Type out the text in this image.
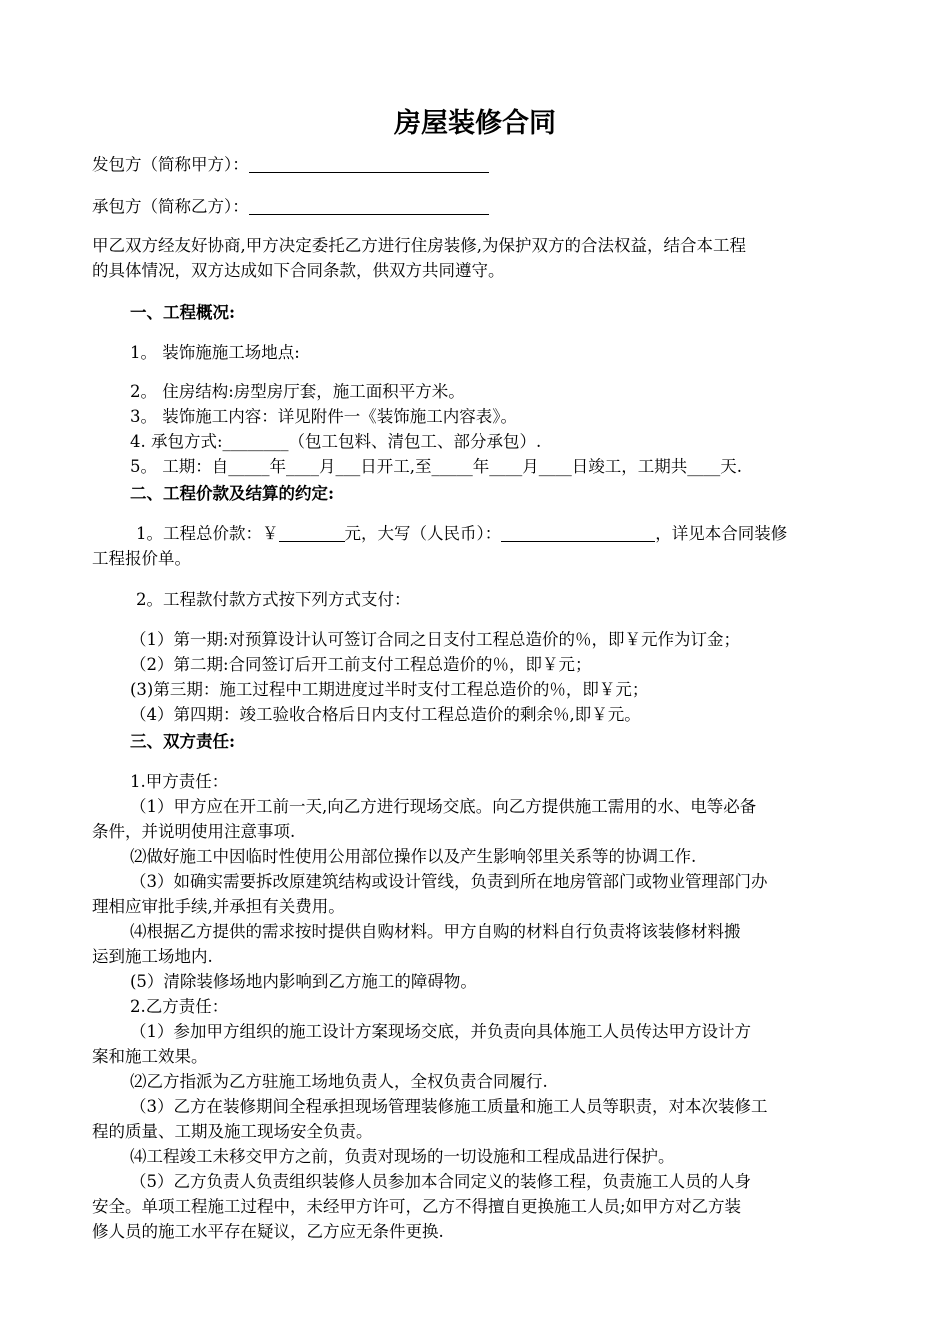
房屋装修合同
发包方（简称甲方）：
承包方（简称乙方）：
甲乙双方经友好协商,甲方决定委托乙方进行住房装修,为保护双方的合法权益，结合本工程
的具体情况，双方达成如下合同条款，供双方共同遵守。
一、工程概况:
1。 装饰施施工场地点:
2。 住房结构:房型房厅套，施工面积平方米。
3。 装饰施工内容：详见附件一《装饰施工内容表》。
4. 承包方式:________（包工包料、清包工、部分承包）.
5。 工期：自_____年____月___日开工,至_____年____月____日竣工，工期共____天.
二、工程价款及结算的约定:
1。工程总价款：￥	元，大写（人民币）：	，详见本合同装修
工程报价单。
2。工程款付款方式按下列方式支付：
（1）第一期:对预算设计认可签订合同之日支付工程总造价的％，即￥元作为订金；
（2）第二期:合同签订后开工前支付工程总造价的％，即￥元；
(3)第三期：施工过程中工期进度过半时支付工程总造价的％，即￥元；
（4）第四期：竣工验收合格后日内支付工程总造价的剩余％,即￥元。
三、双方责任:
1.甲方责任：
（1）甲方应在开工前一天,向乙方进行现场交底。向乙方提供施工需用的水、电等必备
条件，并说明使用注意事项.
⑵做好施工中因临时性使用公用部位操作以及产生影响邻里关系等的协调工作.
（3）如确实需要拆改原建筑结构或设计管线，负责到所在地房管部门或物业管理部门办
理相应审批手续,并承担有关费用。
⑷根据乙方提供的需求按时提供自购材料。甲方自购的材料自行负责将该装修材料搬
运到施工场地内.
(5）清除装修场地内影响到乙方施工的障碍物。
2.乙方责任：
（1）参加甲方组织的施工设计方案现场交底，并负责向具体施工人员传达甲方设计方
案和施工效果。
⑵乙方指派为乙方驻施工场地负责人，全权负责合同履行.
（3）乙方在装修期间全程承担现场管理装修施工质量和施工人员等职责，对本次装修工
程的质量、工期及施工现场安全负责。
⑷工程竣工未移交甲方之前，负责对现场的一切设施和工程成品进行保护。
（5）乙方负责人负责组织装修人员参加本合同定义的装修工程，负责施工人员的人身
安全。单项工程施工过程中，未经甲方许可，乙方不得擅自更换施工人员;如甲方对乙方装
修人员的施工水平存在疑议，乙方应无条件更换.
